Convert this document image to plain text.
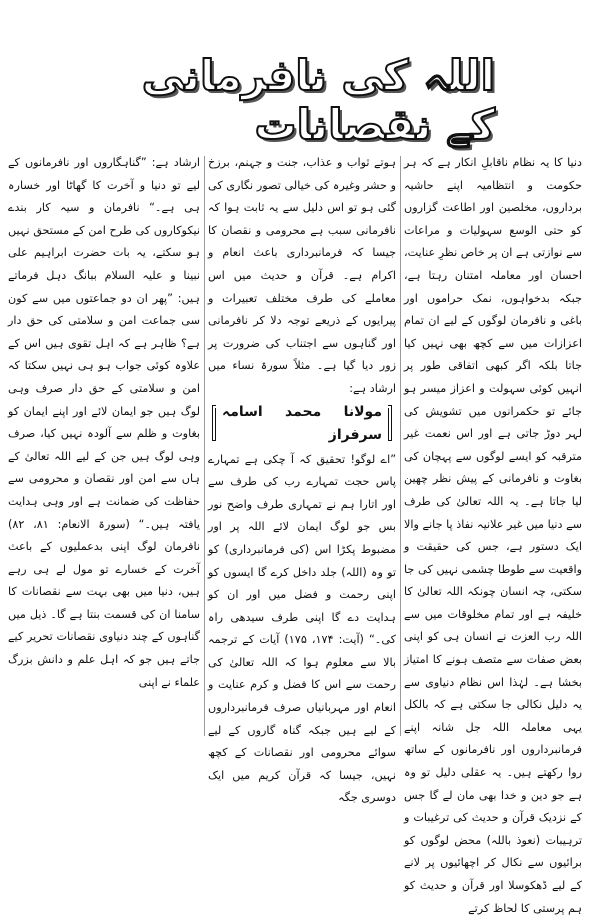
اللہ کی نافرمانی کے نقصانات

دنیا کا یہ نظام ناقابلِ انکار ہے کہ ہر حکومت و انتظامیہ اپنے حاشیہ برداروں، مخلصین اور اطاعت گزاروں کو حتی الوسع سہولیات و مراعات سے نوازتی ہے ان پر خاص نظرِ عنایت، احسان اور معاملہ امتنان رہتا ہے، جبکہ بدخواہوں، نمک حراموں اور باغی و نافرمان لوگوں کے لیے ان تمام اعزازات میں سے کچھ بھی نہیں کیا جاتا بلکہ اگر کبھی اتفاقی طور پر انہیں کوئی سہولت و اعزاز میسر ہو جائے تو حکمرانوں میں تشویش کی لہر دوڑ جاتی ہے اور اس نعمت غیر مترقبہ کو ایسے لوگوں سے پہچان کی بغاوت و نافرمانی کے پیش نظر چھین لیا جاتا ہے۔ یہ اللہ تعالیٰ کی طرف سے دنیا میں غیر علانیہ نفاذ پا جانے والا ایک دستور ہے، جس کی حقیقت و واقعیت سے طوطا چشمی نہیں کی جا سکتی، چہ انسان چونکہ اللہ تعالیٰ کا خلیفہ ہے اور تمام مخلوقات میں سے اللہ رب العزت نے انسان ہی کو اپنی بعض صفات سے متصف ہونے کا امتیاز بخشا ہے۔ لہٰذا اس نظام دنیاوی سے یہ دلیل نکالی جا سکتی ہے کہ بالکل یہی معاملہ اللہ جل شانہ اپنے فرمانبرداروں اور نافرمانوں کے ساتھ روا رکھتے ہیں۔ یہ عقلی دلیل تو وہ ہے جو دین و خدا بھی مان لے گا جس کے نزدیک قرآن و حدیث کی ترغیبات و ترہیبات (نعوذ باللہ) محض لوگوں کو برائیوں سے نکال کر اچھائیوں پر لانے کے لیے ڈھکوسلا اور قرآن و حدیث کو ہم پرستی کا لحاظ کرتے

ہوتے ثواب و عذاب، جنت و جہنم، برزخ و حشر وغیرہ کی خیالی تصور نگاری کی گئی ہو تو اس دلیل سے یہ ثابت ہوا کہ نافرمانی سبب ہے محرومی و نقصان کا جیسا کہ فرمانبرداری باعث انعام و اکرام ہے۔ قرآن و حدیث میں اس معاملے کی طرف مختلف تعبیرات و پیرایوں کے ذریعے توجہ دلا کر نافرمانی اور گناہوں سے اجتناب کی ضرورت پر زور دیا گیا ہے۔ مثلاً سورۃ نساء میں ارشاد ہے:

مولانا محمد اسامہ سرفراز

”اے لوگو! تحقیق کہ آ چکی ہے تمہارے پاس حجت تمہارے رب کی طرف سے اور اتارا ہم نے تمہاری طرف واضح نور بس جو لوگ ایمان لائے اللہ پر اور مضبوط پکڑا اس (کی فرمانبرداری) کو تو وہ (اللہ) جلد داخل کرے گا ایسوں کو اپنی رحمت و فضل میں اور ان کو ہدایت دے گا اپنی طرف سیدھی راہ کی۔“ (آیت: ۱۷۴، ۱۷۵) آیات کے ترجمہ بالا سے معلوم ہوا کہ اللہ تعالیٰ کی رحمت سے اس کا فضل و کرم عنایت و انعام اور مہربانیاں صرف فرمانبرداروں کے لیے ہیں جبکہ گناہ گاروں کے لیے سوائے محرومی اور نقصانات کے کچھ نہیں، جیسا کہ قرآن کریم میں ایک دوسری جگہ

ارشاد ہے: ”گناہگاروں اور نافرمانوں کے لیے تو دنیا و آخرت کا گھاٹا اور خسارہ ہی ہے۔“ نافرمان و سیہ کار بندے نیکوکاروں کی طرح امن کے مستحق نہیں ہو سکتے، یہ بات حضرت ابراہیم علی نبینا و علیہ السلام ببانگ دہل فرماتے ہیں: ”پھر ان دو جماعتوں میں سے کون سی جماعت امن و سلامتی کی حق دار ہے؟ ظاہر ہے کہ اہل تقوی ہیں اس کے علاوہ کوئی جواب ہو ہی نہیں سکتا کہ امن و سلامتی کے حق دار صرف وہی لوگ ہیں جو ایمان لائے اور اپنے ایمان کو بغاوت و ظلم سے آلودہ نہیں کیا، صرف وہی لوگ ہیں جن کے لیے اللہ تعالیٰ کے ہاں سے امن اور نقصان و محرومی سے حفاظت کی ضمانت ہے اور وہی ہدایت یافتہ ہیں۔“ (سورۃ الانعام: ۸۱، ۸۲) نافرمان لوگ اپنی بدعملیوں کے باعث آخرت کے خسارے تو مول لے ہی رہے ہیں، دنیا میں بھی بہت سے نقصانات کا سامنا ان کی قسمت بنتا ہے گا۔ ذیل میں گناہوں کے چند دنیاوی نقصانات تحریر کیے جاتے ہیں جو کہ اہل علم و دانش بزرگ علماء نے اپنی
